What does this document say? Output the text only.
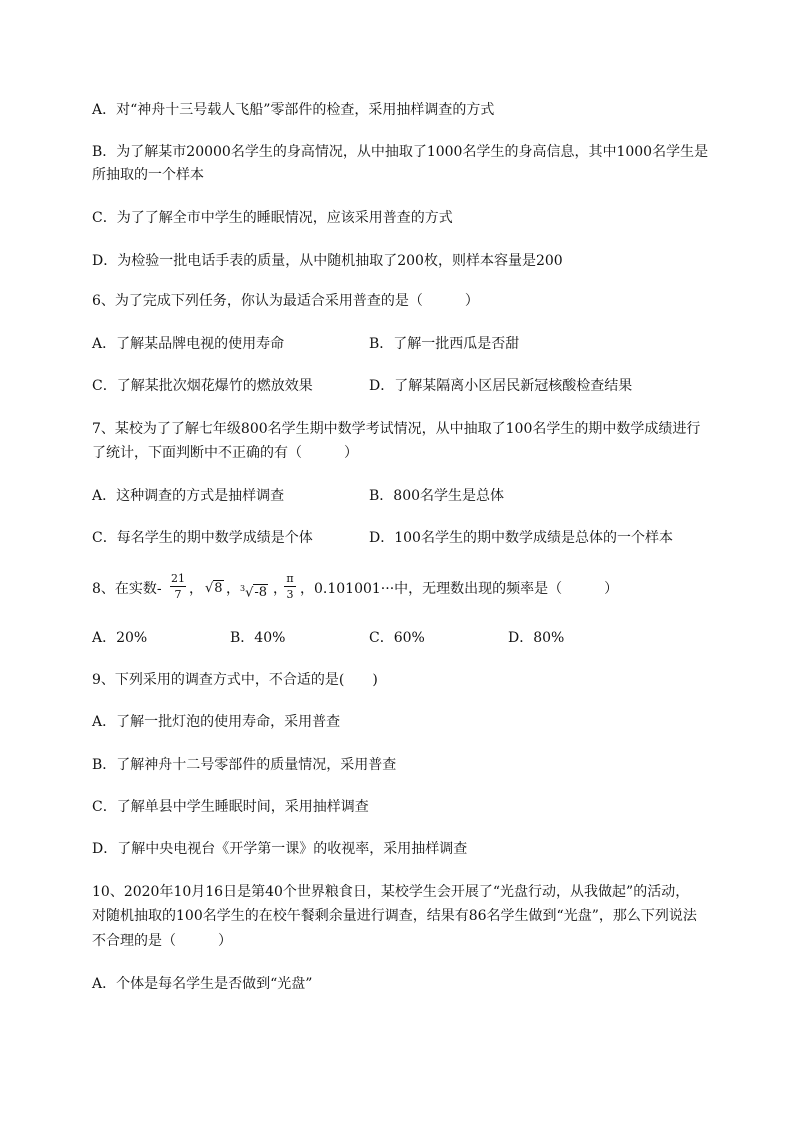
A．对“神舟十三号载人飞船”零部件的检查，采用抽样调查的方式
B．为了解某市20000名学生的身高情况，从中抽取了1000名学生的身高信息，其中1000名学生是
所抽取的一个样本
C．为了了解全市中学生的睡眠情况，应该采用普查的方式
D．为检验一批电话手表的质量，从中随机抽取了200枚，则样本容量是200
6、为了完成下列任务，你认为最适合采用普查的是（　　　）
A．了解某品牌电视的使用寿命	B．了解一批西瓜是否甜
C．了解某批次烟花爆竹的燃放效果	D．了解某隔离小区居民新冠核酸检查结果
7、某校为了了解七年级800名学生期中数学考试情况，从中抽取了100名学生的期中数学成绩进行
了统计，下面判断中不正确的有（　　　）
A．这种调查的方式是抽样调查	B．800名学生是总体
C．每名学生的期中数学成绩是个体	D．100名学生的期中数学成绩是总体的一个样本
8、在实数-
21
7 ， √8 ， $^3$√-8 ，
π
3 ，0.101001···中，无理数出现的频率是（　　　）
A．20%	B．40%	C．60%	D．80%
9、下列采用的调查方式中，不合适的是(　　)
A．了解一批灯泡的使用寿命，采用普查
B．了解神舟十二号零部件的质量情况，采用普查
C．了解单县中学生睡眠时间，采用抽样调查
D．了解中央电视台《开学第一课》的收视率，采用抽样调查
10、2020年10月16日是第40个世界粮食日，某校学生会开展了“光盘行动，从我做起”的活动，
对随机抽取的100名学生的在校午餐剩余量进行调查，结果有86名学生做到“光盘”，那么下列说法
不合理的是（　　　）
A．个体是每名学生是否做到“光盘”
